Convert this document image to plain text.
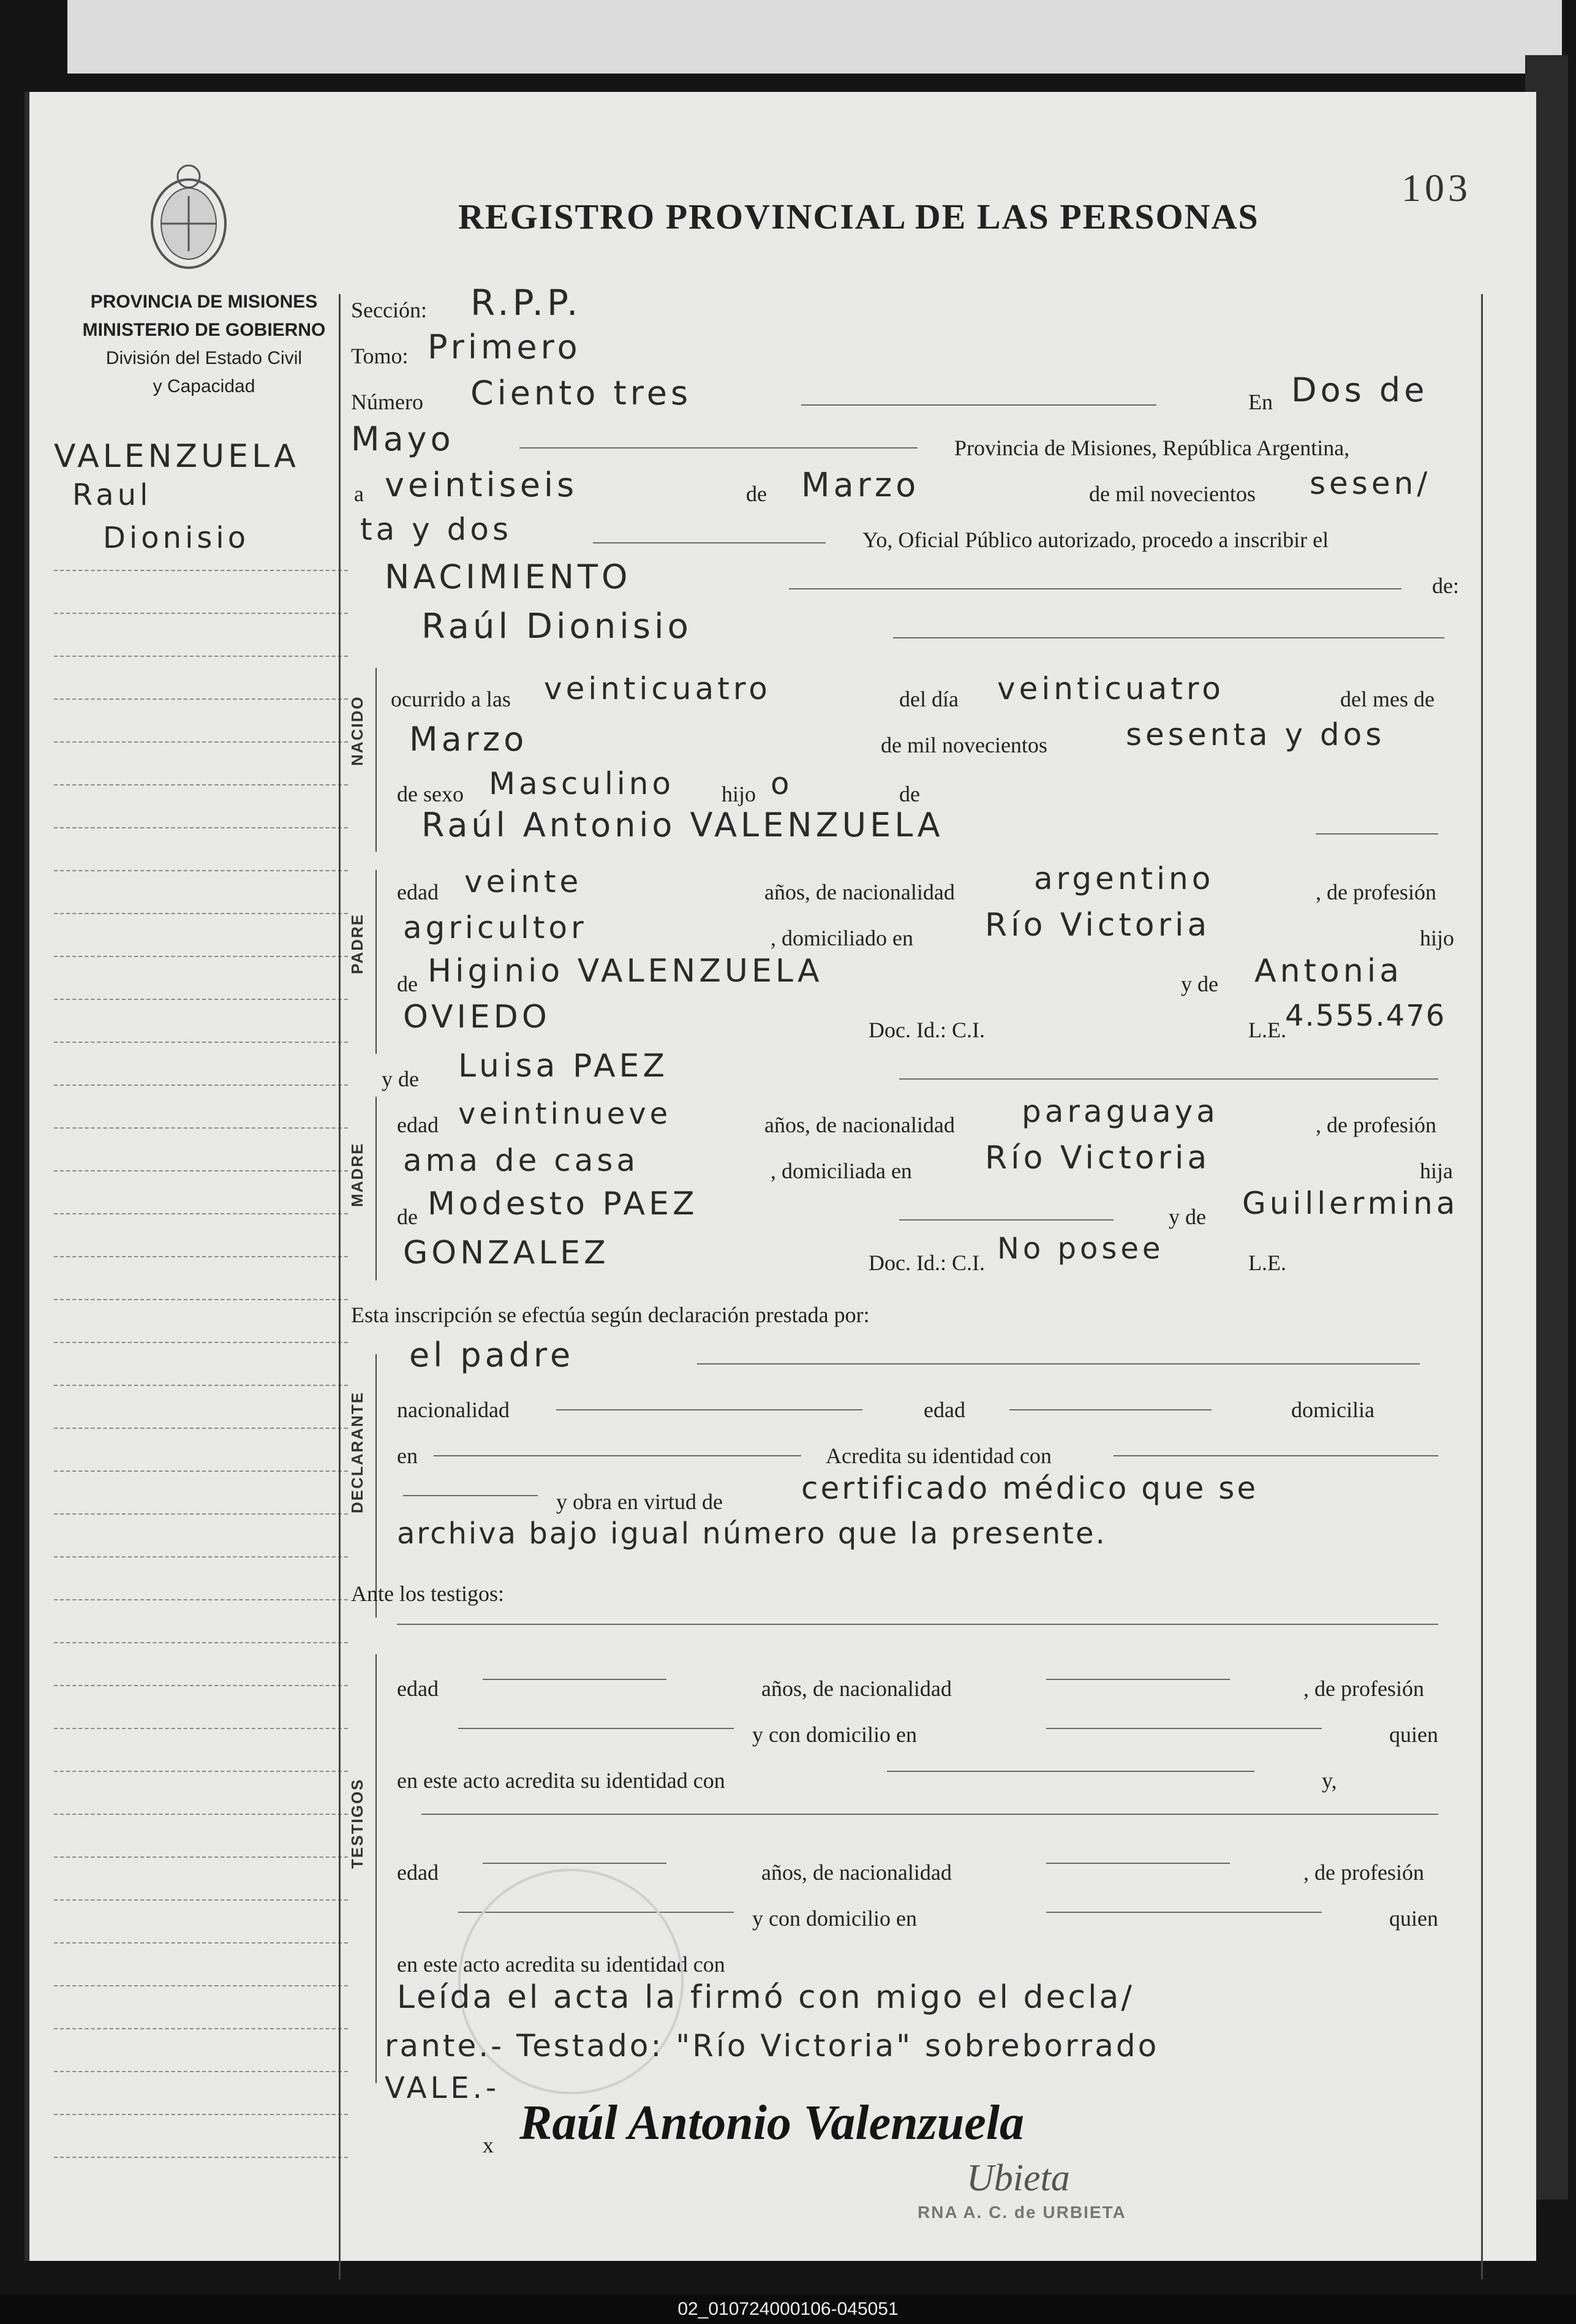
REGISTRO PROVINCIAL DE LAS PERSONAS
103
PROVINCIA DE MISIONES
MINISTERIO DE GOBIERNO
División del Estado Civil
y Capacidad
VALENZUELA
Raul
Dionisio
NACIDO
PADRE
MADRE
DECLARANTE
TESTIGOS
Sección: R.P.P.
Tomo: Primero
Número Ciento tres	En Dos de
Mayo	Provincia de Misiones, República Argentina,
a veintiseis	de Marzo	de mil novecientos sesen/
ta y dos	Yo, Oficial Público autorizado, procedo a inscribir el
NACIMIENTO	de:
Raúl Dionisio
ocurrido a las veinticuatro	del día veinticuatro	del mes de
Marzo	de mil novecientos	sesenta y dos
de sexo Masculino hijo o	de
Raúl Antonio VALENZUELA
edad veinte	años, de nacionalidad	argentino	, de profesión
agricultor	, domiciliado en Río Victoria	hijo
de Higinio VALENZUELA	y de Antonia
OVIEDO	Doc. Id.: C.I.	L.E.
4.555.476
y de Luisa PAEZ
edad veintinueve	años, de nacionalidad paraguaya	, de profesión
ama de casa	, domiciliada en Río Victoria	hija
de Modesto PAEZ	y de Guillermina
GONZALEZ	Doc. Id.: C.I. No posee	L.E.
Esta inscripción se efectúa según declaración prestada por:
el padre
nacionalidad	edad	domicilia
en	Acredita su identidad con
y obra en virtud de	certificado médico que se
archiva bajo igual número que la presente.
Ante los testigos:
edad	años, de nacionalidad	, de profesión
y con domicilio en	quien
en este acto acredita su identidad con	y,
edad	años, de nacionalidad	, de profesión
y con domicilio en	quien
en este acto acredita su identidad con
Leída el acta la firmó con migo el decla/
rante.- Testado: "Río Victoria" sobreborrado
VALE.-
x Raúl Antonio Valenzuela
Ubieta
RNA A. C. de URBIETA
02_010724000106-045051
